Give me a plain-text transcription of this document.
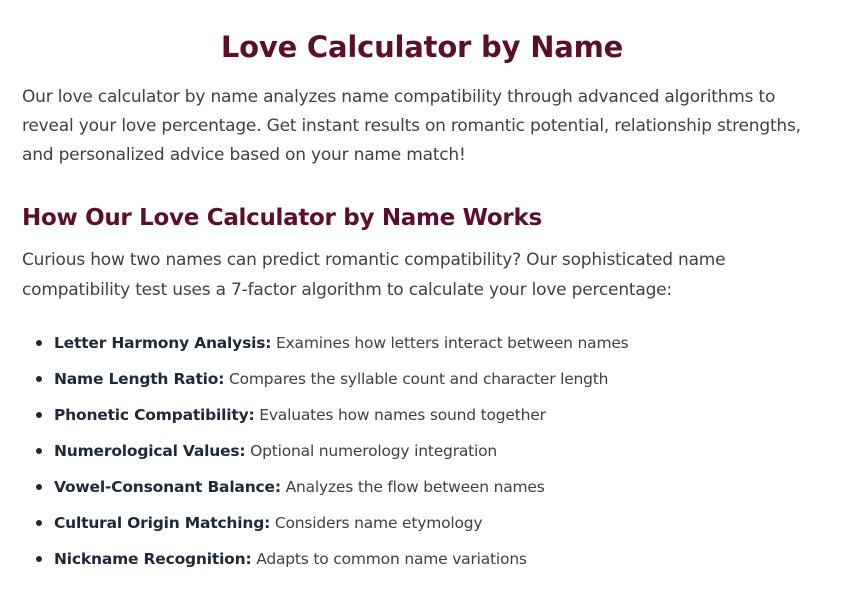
Love Calculator by Name

Our love calculator by name analyzes name compatibility through advanced algorithms to reveal your love percentage. Get instant results on romantic potential, relationship strengths, and personalized advice based on your name match!

How Our Love Calculator by Name Works

Curious how two names can predict romantic compatibility? Our sophisticated name compatibility test uses a 7-factor algorithm to calculate your love percentage:

Letter Harmony Analysis: Examines how letters interact between names
Name Length Ratio: Compares the syllable count and character length
Phonetic Compatibility: Evaluates how names sound together
Numerological Values: Optional numerology integration
Vowel-Consonant Balance: Analyzes the flow between names
Cultural Origin Matching: Considers name etymology
Nickname Recognition: Adapts to common name variations
